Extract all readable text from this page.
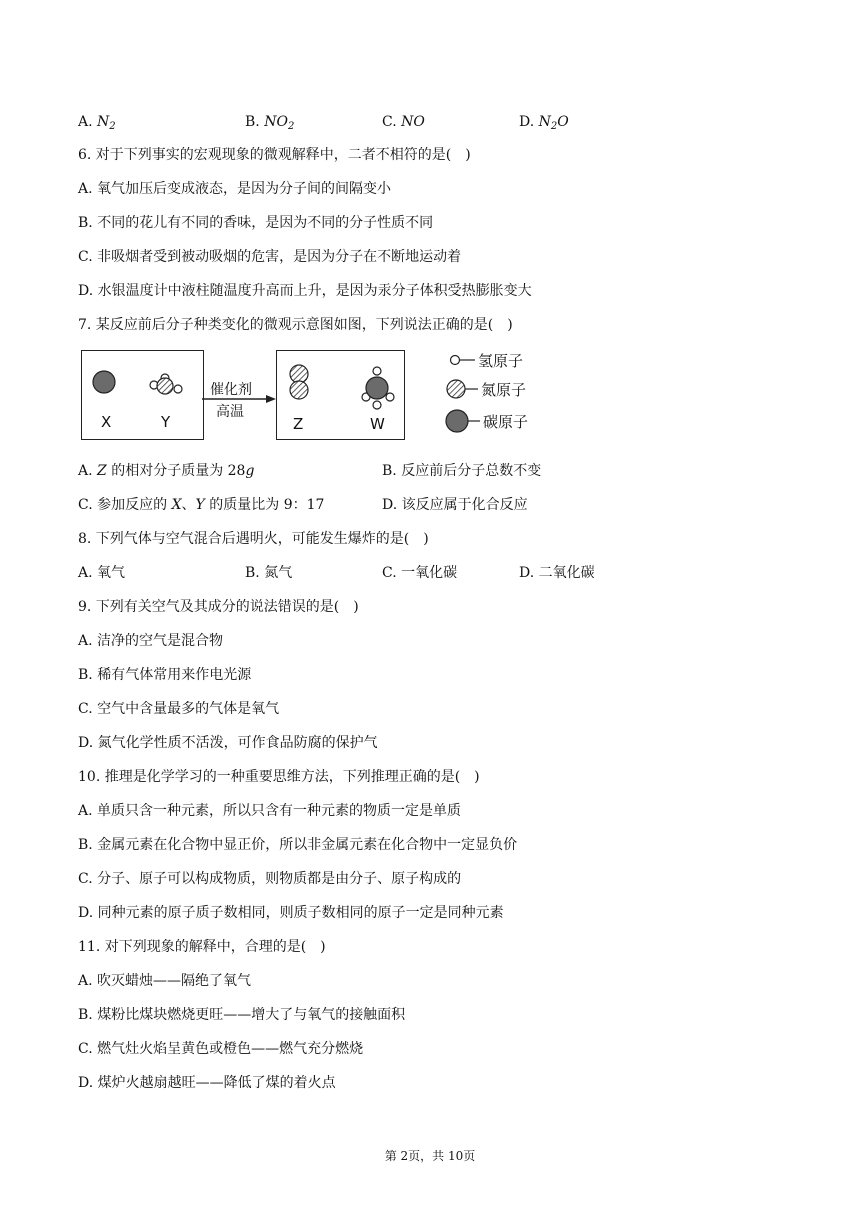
A. $N_2$	B. $NO_2$	C. NO	D. $N_2O$
6. 对于下列事实的宏观现象的微观解释中，二者不相符的是(　)
A. 氧气加压后变成液态，是因为分子间的间隔变小
B. 不同的花儿有不同的香味，是因为不同的分子性质不同
C. 非吸烟者受到被动吸烟的危害，是因为分子在不断地运动着
D. 水银温度计中液柱随温度升高而上升，是因为汞分子体积受热膨胀变大
7. 某反应前后分子种类变化的微观示意图如图，下列说法正确的是(　)
X	Y	Z	W
催化剂
高温
氢原子
氮原子
碳原子
A. Z 的相对分子质量为 28g	B. 反应前后分子总数不变
C. 参加反应的 X、Y 的质量比为 9：17	D. 该反应属于化合反应
8. 下列气体与空气混合后遇明火，可能发生爆炸的是(　)
A. 氧气	B. 氮气	C. 一氧化碳	D. 二氧化碳
9. 下列有关空气及其成分的说法错误的是(　)
A. 洁净的空气是混合物
B. 稀有气体常用来作电光源
C. 空气中含量最多的气体是氧气
D. 氮气化学性质不活泼，可作食品防腐的保护气
10. 推理是化学学习的一种重要思维方法，下列推理正确的是(　)
A. 单质只含一种元素，所以只含有一种元素的物质一定是单质
B. 金属元素在化合物中显正价，所以非金属元素在化合物中一定显负价
C. 分子、原子可以构成物质，则物质都是由分子、原子构成的
D. 同种元素的原子质子数相同，则质子数相同的原子一定是同种元素
11. 对下列现象的解释中，合理的是(　)
A. 吹灭蜡烛——隔绝了氧气
B. 煤粉比煤块燃烧更旺——增大了与氧气的接触面积
C. 燃气灶火焰呈黄色或橙色——燃气充分燃烧
D. 煤炉火越扇越旺——降低了煤的着火点
第 2页，共 10页
